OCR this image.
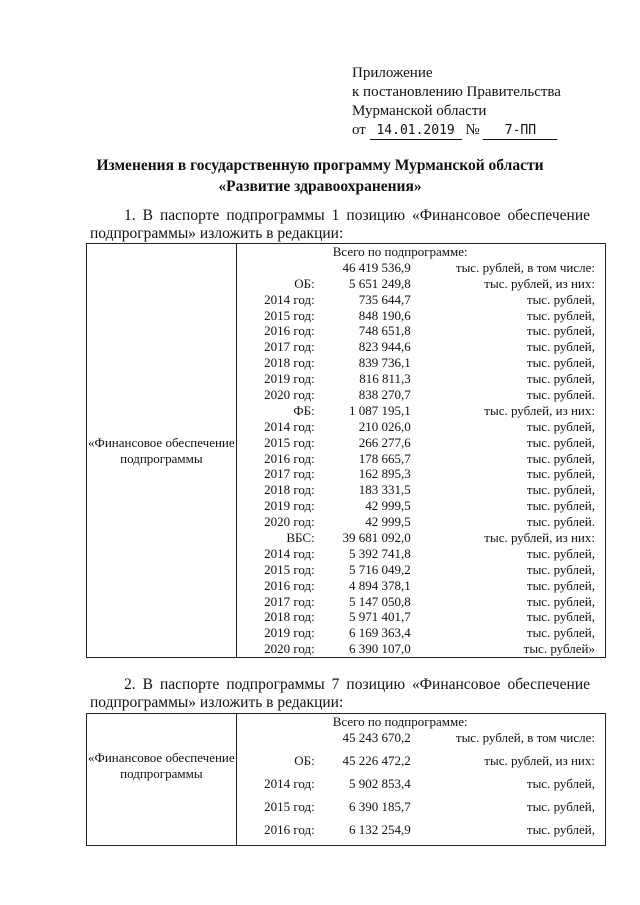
Приложение
к постановлению Правительства
Мурманской области
от 14.01.2019 № 7-ПП
Изменения в государственную программу Мурманской области
«Развитие здравоохранения»
1. В паспорте подпрограммы 1 позицию «Финансовое обеспечение
подпрограммы» изложить в редакции:
«Финансовое обеспечение подпрограммы	
	Всего по подпрограмме:
	46 419 536,9	тыс. рублей, в том числе:
ОБ:	5 651 249,8	тыс. рублей, из них:
2014 год:	735 644,7	тыс. рублей,
2015 год:	848 190,6	тыс. рублей,
2016 год:	748 651,8	тыс. рублей,
2017 год:	823 944,6	тыс. рублей,
2018 год:	839 736,1	тыс. рублей,
2019 год:	816 811,3	тыс. рублей,
2020 год:	838 270,7	тыс. рублей.
ФБ:	1 087 195,1	тыс. рублей, из них:
2014 год:	210 026,0	тыс. рублей,
2015 год:	266 277,6	тыс. рублей,
2016 год:	178 665,7	тыс. рублей,
2017 год:	162 895,3	тыс. рублей,
2018 год:	183 331,5	тыс. рублей,
2019 год:	42 999,5	тыс. рублей,
2020 год:	42 999,5	тыс. рублей.
ВБС:	39 681 092,0	тыс. рублей, из них:
2014 год:	5 392 741,8	тыс. рублей,
2015 год:	5 716 049,2	тыс. рублей,
2016 год:	4 894 378,1	тыс. рублей,
2017 год:	5 147 050,8	тыс. рублей,
2018 год:	5 971 401,7	тыс. рублей,
2019 год:	6 169 363,4	тыс. рублей,
2020 год:	6 390 107,0	тыс. рублей»
2. В паспорте подпрограммы 7 позицию «Финансовое обеспечение
подпрограммы» изложить в редакции:
«Финансовое обеспечение подпрограммы	
	Всего по подпрограмме:
	45 243 670,2	тыс. рублей, в том числе:
ОБ:	45 226 472,2	тыс. рублей, из них:
2014 год:	5 902 853,4	тыс. рублей,
2015 год:	6 390 185,7	тыс. рублей,
2016 год:	6 132 254,9	тыс. рублей,
